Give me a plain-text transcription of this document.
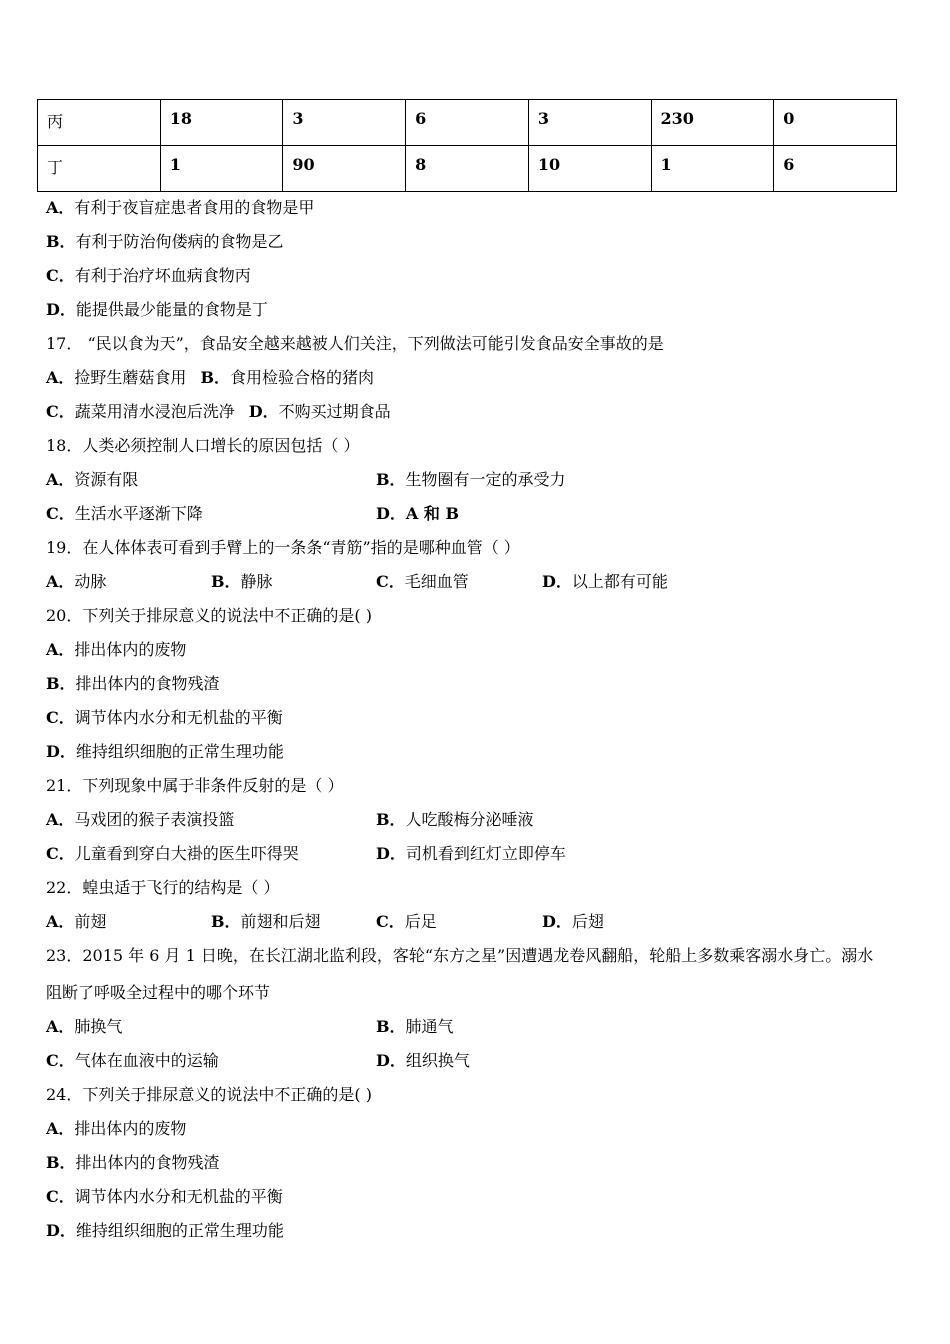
丙	18	3	6	3	230	0
丁	1	90	8	10	1	6
A．有利于夜盲症患者食用的食物是甲
B．有利于防治佝偻病的食物是乙
C．有利于治疗坏血病食物丙
D．能提供最少能量的食物是丁
17． “民以食为天”，食品安全越来越被人们关注，下列做法可能引发食品安全事故的是
A．捡野生蘑菇食用 B．食用检验合格的猪肉
C．蔬菜用清水浸泡后洗净 D．不购买过期食品
18．人类必须控制人口增长的原因包括（ ）
A．资源有限	B．生物圈有一定的承受力
C．生活水平逐渐下降	D．A 和 B
19．在人体体表可看到手臂上的一条条“青筋”指的是哪种血管（ ）
A．动脉	B．静脉	C．毛细血管	D．以上都有可能
20．下列关于排尿意义的说法中不正确的是( )
A．排出体内的废物
B．排出体内的食物残渣
C．调节体内水分和无机盐的平衡
D．维持组织细胞的正常生理功能
21．下列现象中属于非条件反射的是（ ）
A．马戏团的猴子表演投篮	B．人吃酸梅分泌唾液
C．儿童看到穿白大褂的医生吓得哭	D．司机看到红灯立即停车
22．蝗虫适于飞行的结构是（ ）
A．前翅	B．前翅和后翅	C．后足	D．后翅
23．2015 年 6 月 1 日晚，在长江湖北监利段，客轮“东方之星”因遭遇龙卷风翻船，轮船上多数乘客溺水身亡。溺水
阻断了呼吸全过程中的哪个环节
A．肺换气	B．肺通气
C．气体在血液中的运输	D．组织换气
24．下列关于排尿意义的说法中不正确的是( )
A．排出体内的废物
B．排出体内的食物残渣
C．调节体内水分和无机盐的平衡
D．维持组织细胞的正常生理功能
